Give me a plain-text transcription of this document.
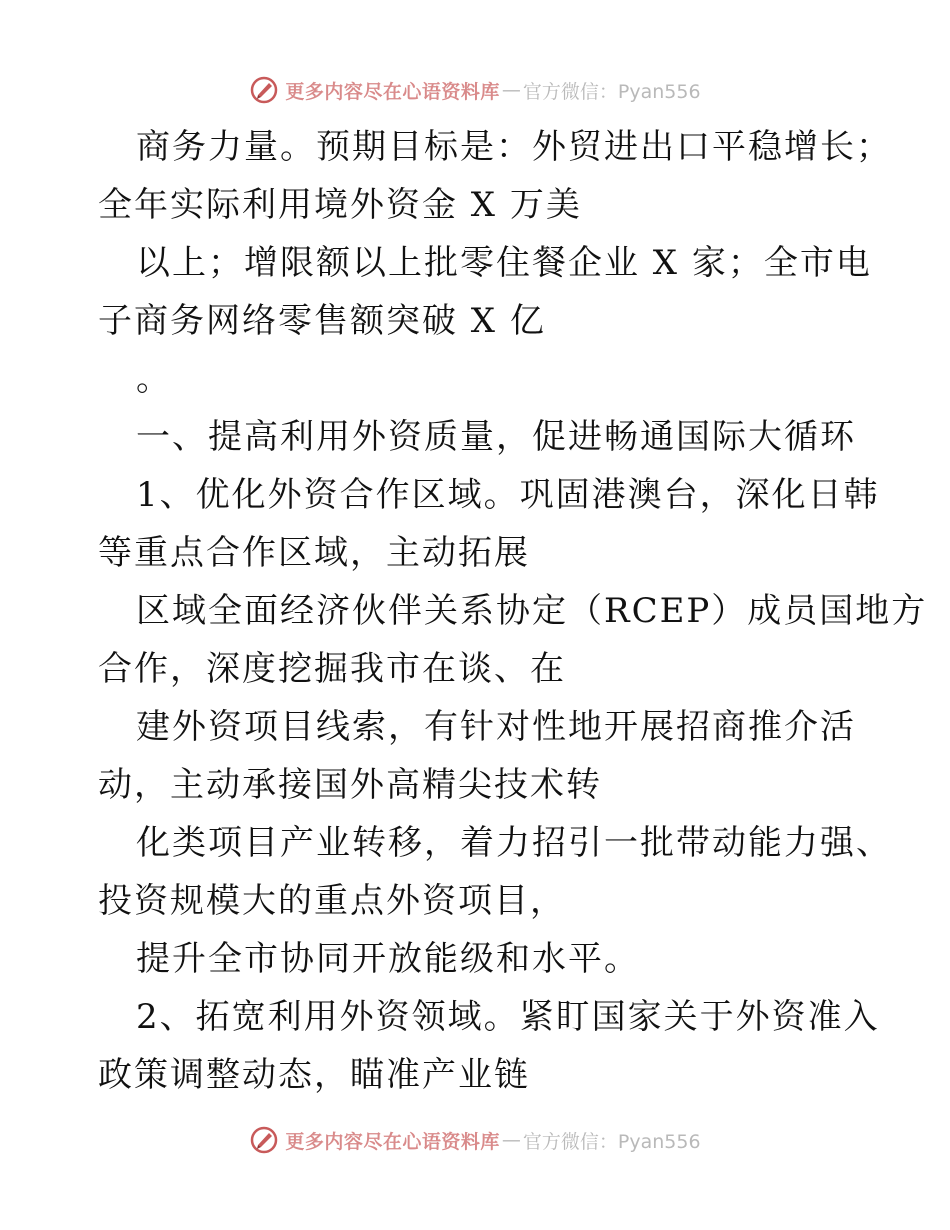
更多内容尽在心语资料库 — 官方微信：Pyan556
商务力量。预期目标是：外贸进出口平稳增长；
全年实际利用境外资金 X 万美
以上；增限额以上批零住餐企业 X 家；全市电
子商务网络零售额突破 X 亿
。
一、提高利用外资质量，促进畅通国际大循环
1、优化外资合作区域。巩固港澳台，深化日韩
等重点合作区域，主动拓展
区域全面经济伙伴关系协定（RCEP）成员国地方
合作，深度挖掘我市在谈、在
建外资项目线索，有针对性地开展招商推介活
动，主动承接国外高精尖技术转
化类项目产业转移，着力招引一批带动能力强、
投资规模大的重点外资项目，
提升全市协同开放能级和水平。
2、拓宽利用外资领域。紧盯国家关于外资准入
政策调整动态，瞄准产业链
更多内容尽在心语资料库 — 官方微信：Pyan556
